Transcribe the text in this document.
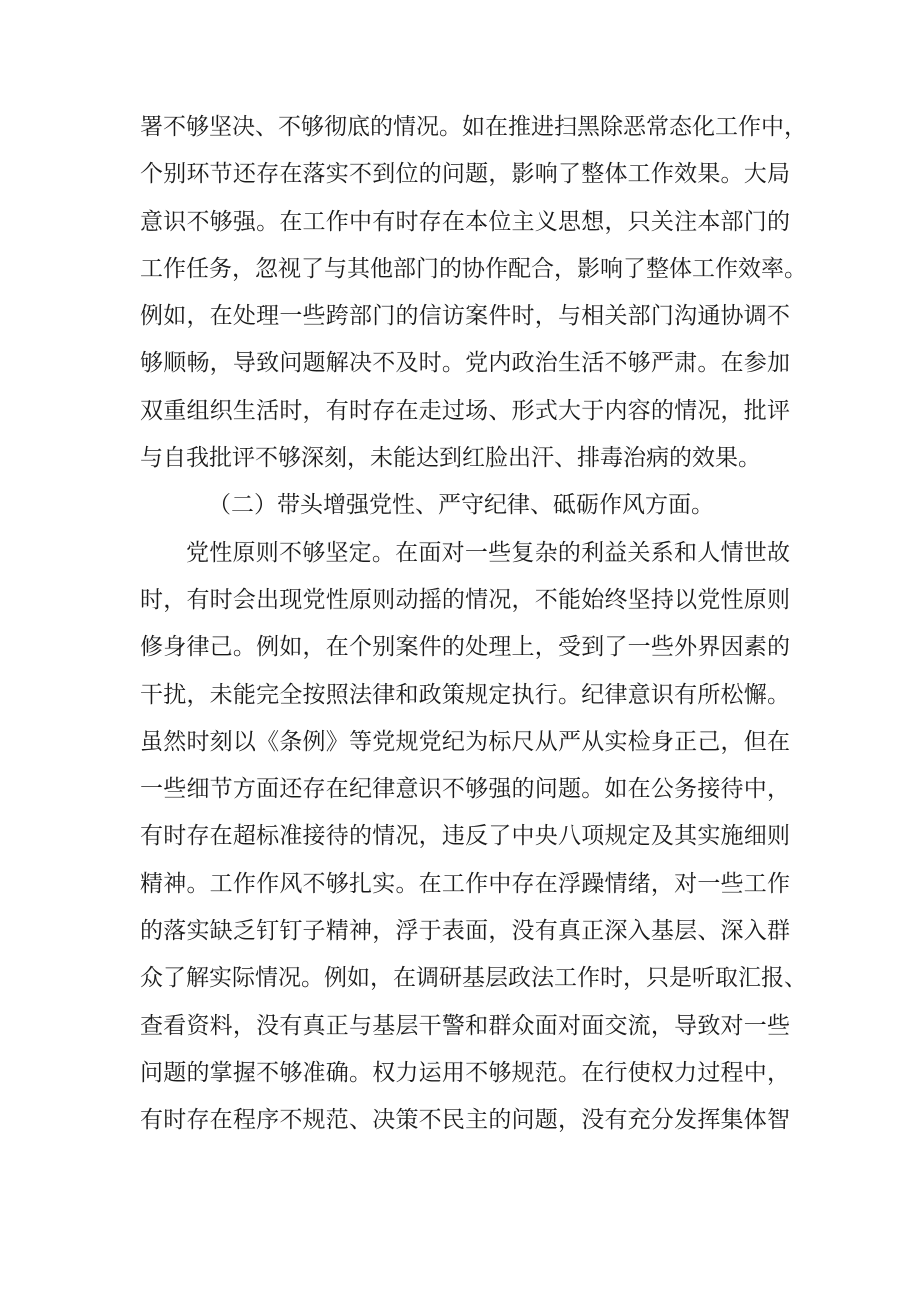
署不够坚决、不够彻底的情况。如在推进扫黑除恶常态化工作中，
个别环节还存在落实不到位的问题，影响了整体工作效果。大局
意识不够强。在工作中有时存在本位主义思想，只关注本部门的
工作任务，忽视了与其他部门的协作配合，影响了整体工作效率。
例如，在处理一些跨部门的信访案件时，与相关部门沟通协调不
够顺畅，导致问题解决不及时。党内政治生活不够严肃。在参加
双重组织生活时，有时存在走过场、形式大于内容的情况，批评
与自我批评不够深刻，未能达到红脸出汗、排毒治病的效果。
（二）带头增强党性、严守纪律、砥砺作风方面。
党性原则不够坚定。在面对一些复杂的利益关系和人情世故
时，有时会出现党性原则动摇的情况，不能始终坚持以党性原则
修身律己。例如，在个别案件的处理上，受到了一些外界因素的
干扰，未能完全按照法律和政策规定执行。纪律意识有所松懈。
虽然时刻以《条例》等党规党纪为标尺从严从实检身正己，但在
一些细节方面还存在纪律意识不够强的问题。如在公务接待中，
有时存在超标准接待的情况，违反了中央八项规定及其实施细则
精神。工作作风不够扎实。在工作中存在浮躁情绪，对一些工作
的落实缺乏钉钉子精神，浮于表面，没有真正深入基层、深入群
众了解实际情况。例如，在调研基层政法工作时，只是听取汇报、
查看资料，没有真正与基层干警和群众面对面交流，导致对一些
问题的掌握不够准确。权力运用不够规范。在行使权力过程中，
有时存在程序不规范、决策不民主的问题，没有充分发挥集体智
